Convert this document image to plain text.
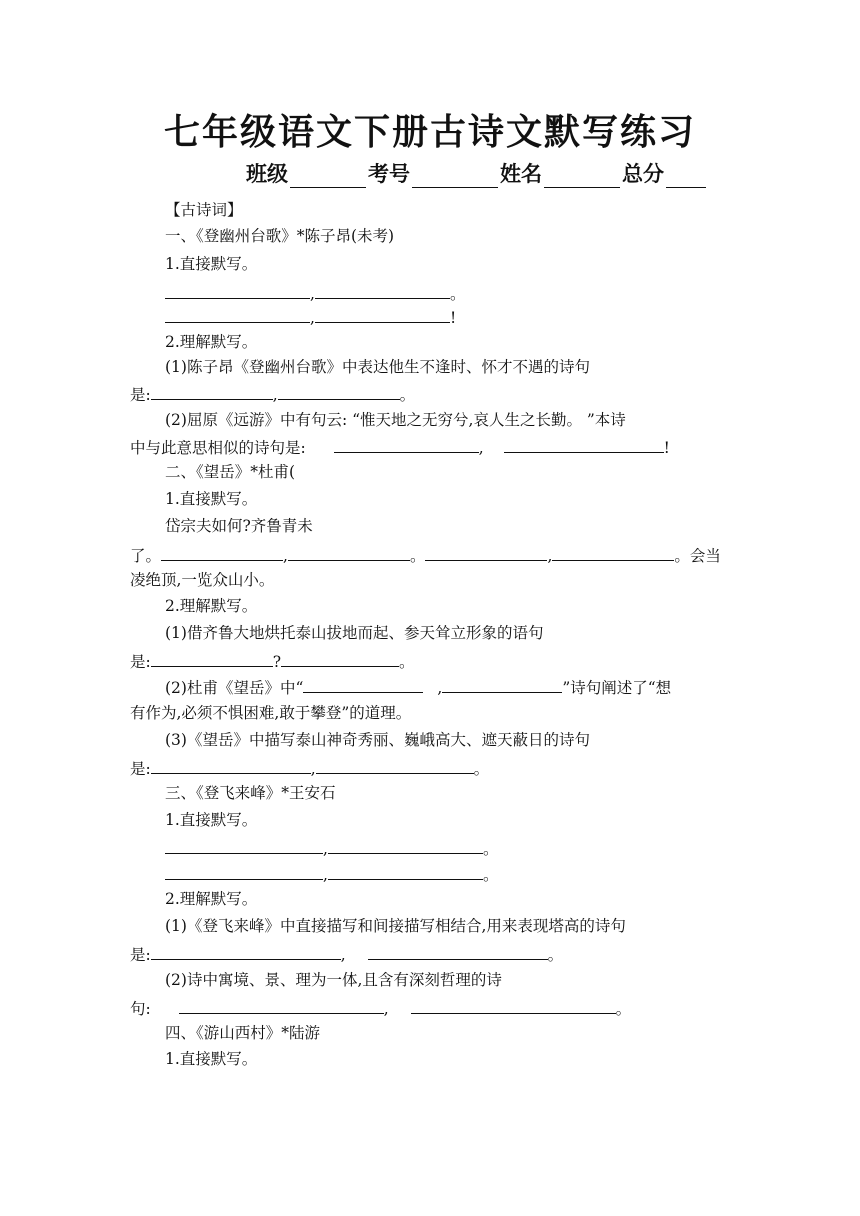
七年级语文下册古诗文默写练习
班级	考号	姓名	总分
【古诗词】
一、《登幽州台歌》*陈子昂(未考)
1.直接默写。
,	。
,	!
2.理解默写。
(1)陈子昂《登幽州台歌》中表达他生不逢时、怀才不遇的诗句
是:	,	。
(2)屈原《远游》中有句云: “惟天地之无穷兮,哀人生之长勤。 ”本诗
中与此意思相似的诗句是:	,	!
二、《望岳》*杜甫(
1.直接默写。
岱宗夫如何?齐鲁青未
了。	,	。	,	。会当
凌绝顶,一览众山小。
2.理解默写。
(1)借齐鲁大地烘托泰山拔地而起、参天耸立形象的语句
是:	?	。
(2)杜甫《望岳》中“	,	”诗句阐述了“想
有作为,必须不惧困难,敢于攀登”的道理。
(3)《望岳》中描写泰山神奇秀丽、巍峨高大、遮天蔽日的诗句
是:	,	。
三、《登飞来峰》*王安石
1.直接默写。
,	。
,	。
2.理解默写。
(1)《登飞来峰》中直接描写和间接描写相结合,用来表现塔高的诗句
是:	,	。
(2)诗中寓境、景、理为一体,且含有深刻哲理的诗
句:	,	。
四、《游山西村》*陆游
1.直接默写。
